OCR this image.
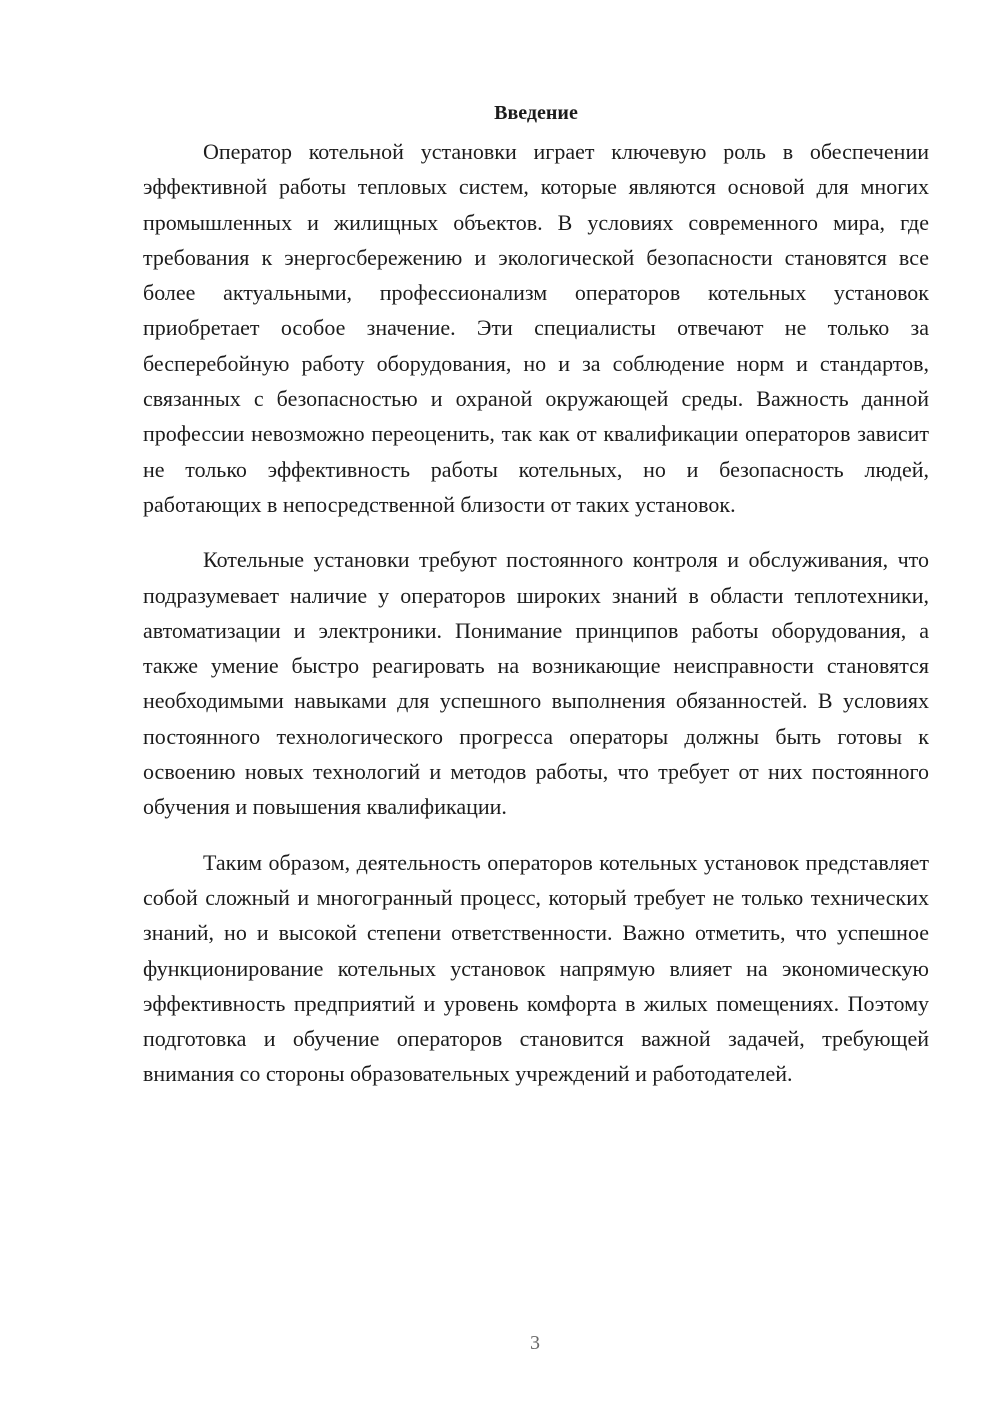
Введение

Оператор котельной установки играет ключевую роль в обеспечении эффективной работы тепловых систем, которые являются основой для многих промышленных и жилищных объектов. В условиях современного мира, где требования к энергосбережению и экологической безопасности становятся все более актуальными, профессионализм операторов котельных установок приобретает особое значение. Эти специалисты отвечают не только за бесперебойную работу оборудования, но и за соблюдение норм и стандартов, связанных с безопасностью и охраной окружающей среды. Важность данной профессии невозможно переоценить, так как от квалификации операторов зависит не только эффективность работы котельных, но и безопасность людей, работающих в непосредственной близости от таких установок.

Котельные установки требуют постоянного контроля и обслуживания, что подразумевает наличие у операторов широких знаний в области теплотехники, автоматизации и электроники. Понимание принципов работы оборудования, а также умение быстро реагировать на возникающие неисправности становятся необходимыми навыками для успешного выполнения обязанностей. В условиях постоянного технологического прогресса операторы должны быть готовы к освоению новых технологий и методов работы, что требует от них постоянного обучения и повышения квалификации.

Таким образом, деятельность операторов котельных установок представляет собой сложный и многогранный процесс, который требует не только технических знаний, но и высокой степени ответственности. Важно отметить, что успешное функционирование котельных установок напрямую влияет на экономическую эффективность предприятий и уровень комфорта в жилых помещениях. Поэтому подготовка и обучение операторов становится важной задачей, требующей внимания со стороны образовательных учреждений и работодателей.

3
